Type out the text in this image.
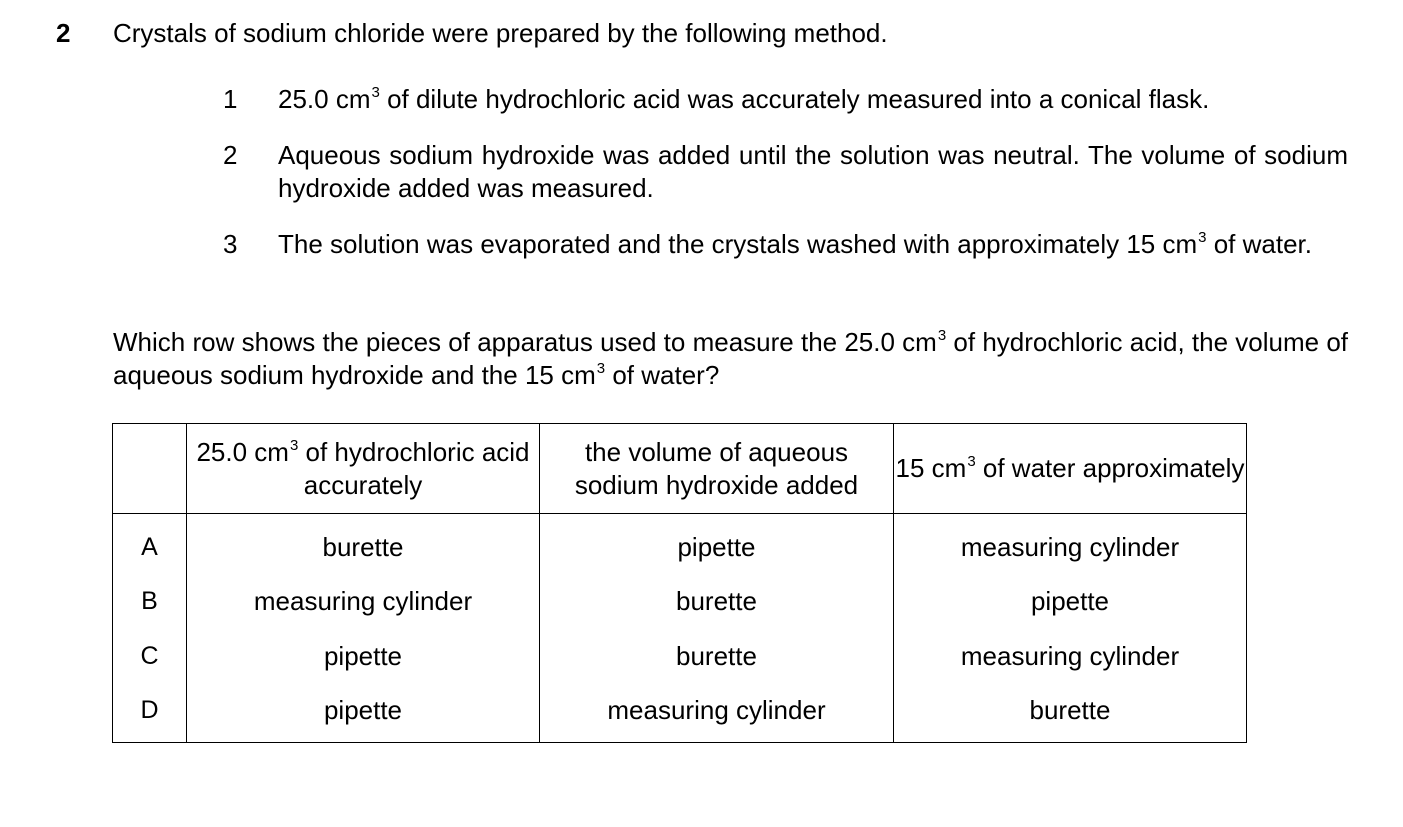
2 Crystals of sodium chloride were prepared by the following method.
1	25.0 $cm^3$ of dilute hydrochloric acid was accurately measured into a conical flask.
2	Aqueous sodium hydroxide was added until the solution was neutral. The volume of sodium hydroxide added was measured.
3	The solution was evaporated and the crystals washed with approximately 15 $cm^3$ of water.
Which row shows the pieces of apparatus used to measure the 25.0 $cm^3$ of hydrochloric acid, the volume of aqueous sodium hydroxide and the 15 $cm^3$ of water?
	25.0 $cm^3$ of hydrochloric acid accurately	the volume of aqueous sodium hydroxide added	15 $cm^3$ of water approximately
A	burette	pipette	measuring cylinder
B	measuring cylinder	burette	pipette
C	pipette	burette	measuring cylinder
D	pipette	measuring cylinder	burette
